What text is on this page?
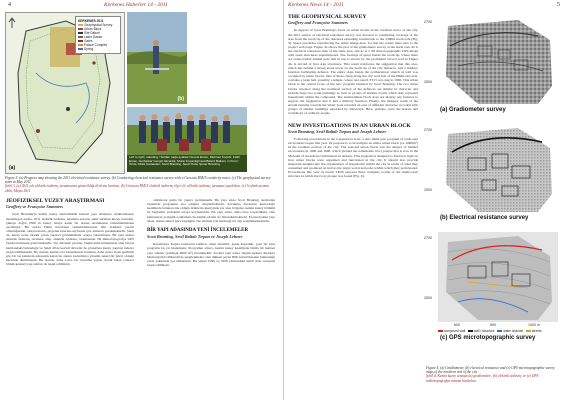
4	Kerkenes Haberler 14 - 2011
KERKENES 2011
Geophysical Survey
Urban Block
Site Datum
Laser Datum
Gates
Palace Complex
Spring
(a)
(b)
Left to right, standing / Soldan sağa ayaktar Nevzat Ercan, Mehmet Koçköt, Fatih Ercan, Gurbetkar Cengiz Akcantik, Murat Koçarıkgil and Bülent Balkan; in front / Önde: Dilek Karaaslan, Scott Branting, Şeref Kuta, Şenar Branting.
Figure 3. (a) Progress map showing the 2011 electrical resistance survey. (b) Conducting electrical resistance survey with a Geoscan RM15 resistivity meter. (c) The geophysical survey team in May 2011.
Şekil 3. (a) 2011 yılı elektrik özdirenç taramasının gösterildiği ilerleme haritası. (b) Geoscan RM15 elektrik özdirenç ölçer ile elektrik özdirenç taraması yapılırken. (c) Jeofizik tarama ekibi, Mayıs 2011.
JEOFİZİKSEL YÜZEY ARAŞTIRMASI
Geoffrey ve Françoise Summers

Scott Branting'in kentin kuzey sektöründeki kentsel yapı adalarına odaklanmasını destekleyen adana, 2011 elektrik özdirenç taraması sezonu, şehir surunun kuzey ucundan, güneye doğru 2300 m kuzey batıya kadar bir alanın taranmasını tamamlanmasına ayrılmıştır. Bu sırada bütün havalanın tamamlanmasının izin alanımız yeterli olmadığından, okuyucuların, projenin internet-sayfasına göz atmaları gerekmektedir. Şekil 4a, kuzey uzun ölçekli yanın yapıları görüntüsünde ortaya çıkarılmıştır. Bu aynı alanın elektrik özdirenç taraması olup, elektrik özdirenç taramasının 3D mikrotopografya GPS tarama haritasını göstermektedir. Tay dersinde yeralan, bugün halla kullanımda olan birçok harmandaki bulunduğu ve Şekil 4b'de kavisli duvarlar ile gösterilen kuzey yapıları rahatça tespit edilmektedir. Bu alanda, kentin orta kısımlarında bulunan, daha sonra alçak gerilimli göç bir taş kulelerin arkasında kalan bu alanın savunmaya yönelik askeri bir işlevi olduğu üzerinde durulmuştur. Bu alanda, daha sonra bir savunma yapısı olarak kalan yamaca bitişik kentsel yapı adaları da tespit edilmiştir.

olabilecek geniş bir yapıyı içermektedir. Bu yapı adası Scott Branting tarafından başlatılan programın ana odağını oluşturmaktadır. Savunma duvarının kuzeydoğu kesiminde bulunan ılık olduğu ürünlerin kuzeyinde yer alan bölgeler, kentin kuzey bölümü ile bağlantılı yerleşimi ortaya koymaktadır. Bu yapı adası, daha önce kaydedilmiş olan kalıntıların yerleşim açıklaması ile küçük odaları da bulundurmaktadır. En kuzeydeki yapı adası, alanın askeri işlev taşıdığını öne sürmek için herhangi bir öğe sergilememektedir.

BİR YAPI ADASINDA YENİ İNCELEMELER
Scott Branting, Sevil Baltalı Tırpan ve Joseph Lehner

Kapadokya Kapısı kazılarını takiben, uzun dönemli, geniş kapsamlı, yeni bir kazı programı bu yıl başlamıştır. Programın amacı, kentin kuzey kesiminde bütün bir kentsel yapı adasını (yaklaşık 6000 m²) incelemektir. Seçilen yapı adası, bugün Ankara Anadolu Medeniyetleri Müzesi'nde sergilenmekte olan dikkate şayan Hitit kabartmasının bulunduğu yerin yakınında yer almaktadır. Bu alanın 1996 ve 1998 yıllarındaki sınırlı kazı sırasında tespit edilmiştir.

Kerkenes News 14 - 2011	5
THE GEOPHYSICAL SURVEY
Geoffrey and Françoise Summers

In support of Scott Branting's focus on urban blocks in the northern sector of the city, the 2011 season of electrical resistance survey was devoted to completing coverage of the area from the north tip of the defences extending southwards to the 2300m north axis (Fig. 3). Space precludes reproducing the entire image here, for that the reader must turn to the project web page. Figure 4a shows the plot of the gradiometer survey at the north end, 4b is the electrical resistance map of the same area, and 4c is a 3D microtopographic GPS image with stone structures superimposed. The footings of space inside the north tip, where there are stone-walled animal pens still in use is shown by the prominent curved wall in Figure 4b, is devoid of Iron Age structures. This result reinforces the suggestion that this area, which lies behind a strong stone tower on the north tip of the city defences, had a military function facilitating defence. The entire slope inside the northernmost stretch of wall was occupied by urban blocks. One of these, lying along the city wall east of the 800m east axis, contains a large hall, possibly a temple, where test trench TT15 was dug in 1996. This urban block is the central focus of the new program initiated by Scott Branting. The two urban blocks revealed along the northeast section of the defences are similar in character and include large two-room buildings as well as groups of smaller rooms which may represent households within the compound. The northernmost block does not display any features to support the suggestion that it had a military function. Finally, the imagery south of the stream running towards the Water Gate revealed an area of different character crowded with groups of smaller buildings separated by alleyways. Here, perhaps, were the houses and workshops of ordinary people.

NEW INVESTIGATIONS IN AN URBAN BLOCK
Scott Branting, Sevil Baltalı Tırpan and Joseph Lehner

Following excavations in the Cappadocia Gate, a new multi-year program of wide-area excavations began this year. Its purpose is to investigate an entire urban block (ca. 6000m²) in the northern portion of the city. The selected urban block was the subject of limited excavations in 1996 and 1998, which yielded the remarkable ivory plaque that is now in the Museum of Anatolian Civilizations in Ankara. This program is designed to find new light on how urban blocks were organized and functioned in the city. It should also provide important insights into the organization of households within the city in terms of what they consumed and produced as well as the larger social networks within which they participated. Excavations this year in trench TR29 exposed three complete rooms of the multi-room structure in which the ivory plaque was found (Fig. 9).

2700
2500
(a) Gradiometer survey
2700
2500
(b) Electrical resistance survey
2700
2500
600	800	1000 m
compound wall	wall / structure	water channel	streets
(c) GPS microtopographic survey
Figure 4. (a) Gradiometer, (b) electrical resistance and (c) GPS microtopographic survey maps of the northern end of the city.
Şekil 4. Kentin kuzey ucunun (a) gradiometre, (b) elektrik özdirenç ve (c) GPS mikrotopografya tarama haritaları.
